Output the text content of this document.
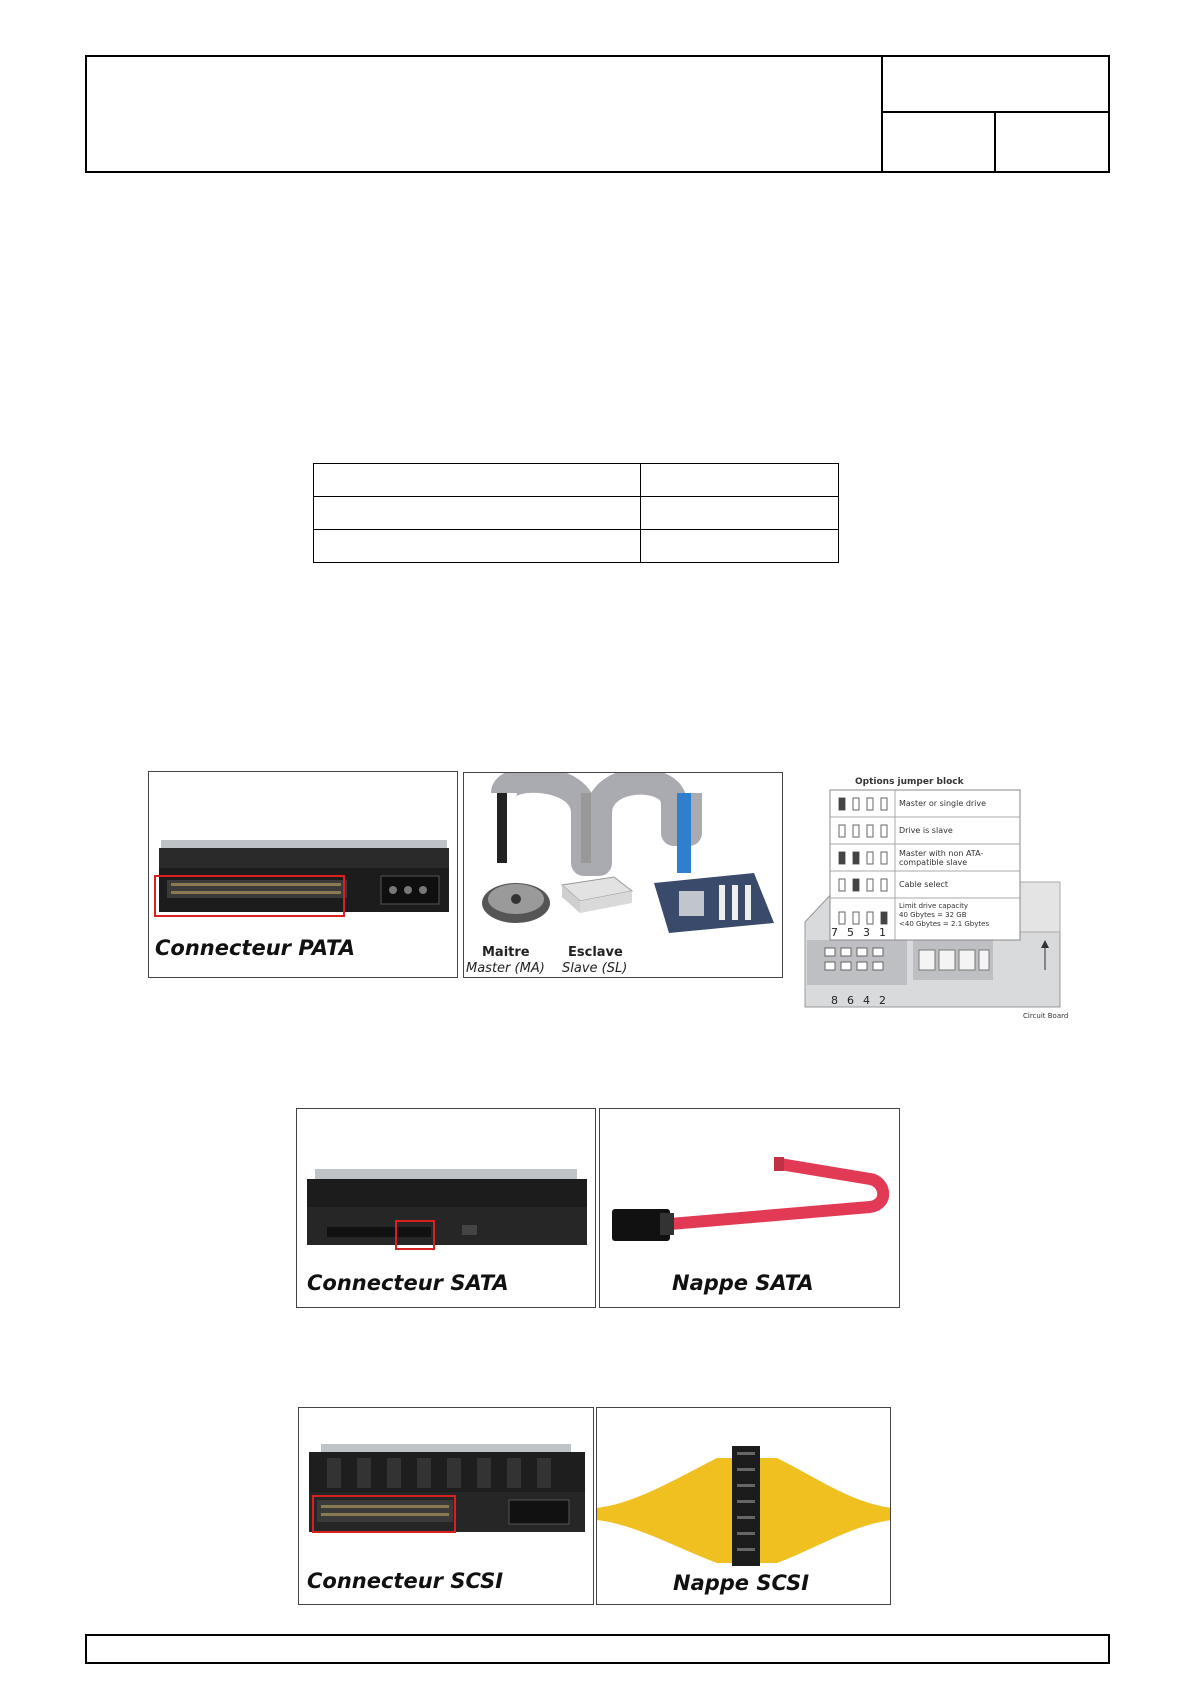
Connecteur PATA	Maitre
Master (MA)
Esclave
Slave (SL)
Options jumper block
Master or single drive
Drive is slave
Master with non ATA-
compatible slave
Cable select
Limit drive capacity
40 Gbytes = 32 GB
<40 Gbytes = 2.1 Gbytes
7 5 3 1
8 6 4 2
Circuit Board
Connecteur SATA	Nappe SATA
Connecteur SCSI	Nappe SCSI
